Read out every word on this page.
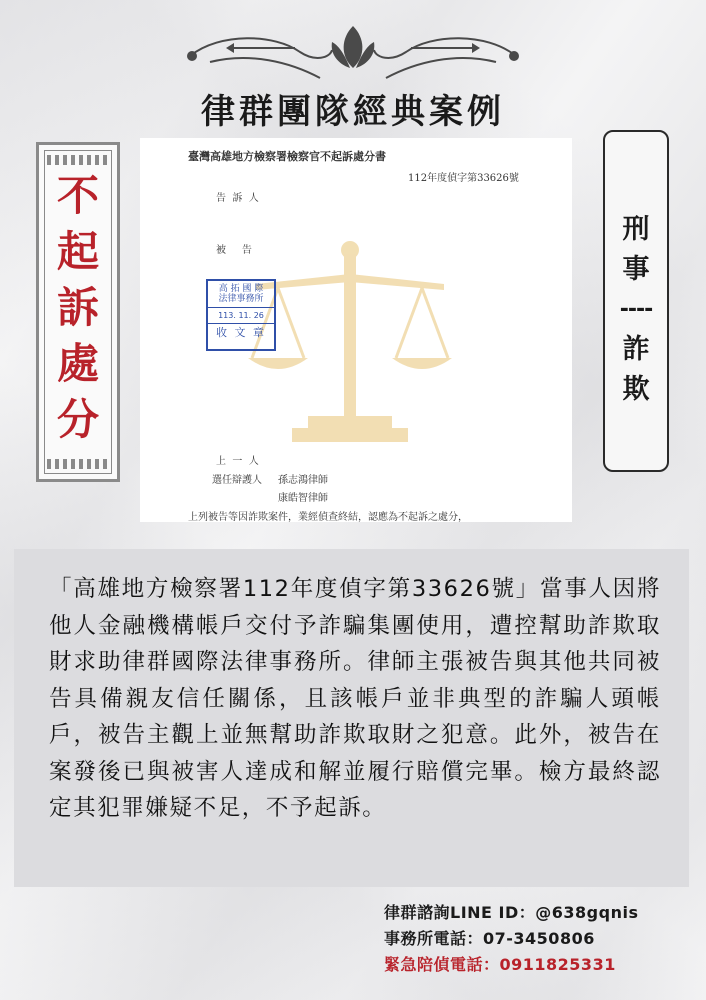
律群團隊經典案例
不
起
訴
處
分
臺灣高雄地方檢察署檢察官不起訴處分書
112年度偵字第33626號
告  訴  人
被     告
高 拓 國 際
法律事務所
113. 11. 26
收 文 章
上  一  人
選任辯護人 孫志鴻律師
康皓智律師
上列被告等因詐欺案件，業經偵查終結，認應為不起訴之處分，
刑
事
----
詐
欺

「高雄地方檢察署112年度偵字第33626號」當事人因將他人金融機構帳戶交付予詐騙集團使用，遭控幫助詐欺取財求助律群國際法律事務所。律師主張被告與其他共同被告具備親友信任關係，且該帳戶並非典型的詐騙人頭帳戶，被告主觀上並無幫助詐欺取財之犯意。此外，被告在案發後已與被害人達成和解並履行賠償完畢。檢方最終認定其犯罪嫌疑不足，不予起訴。

律群諮詢LINE ID：@638gqnis
事務所電話：07-3450806
緊急陪偵電話：0911825331
